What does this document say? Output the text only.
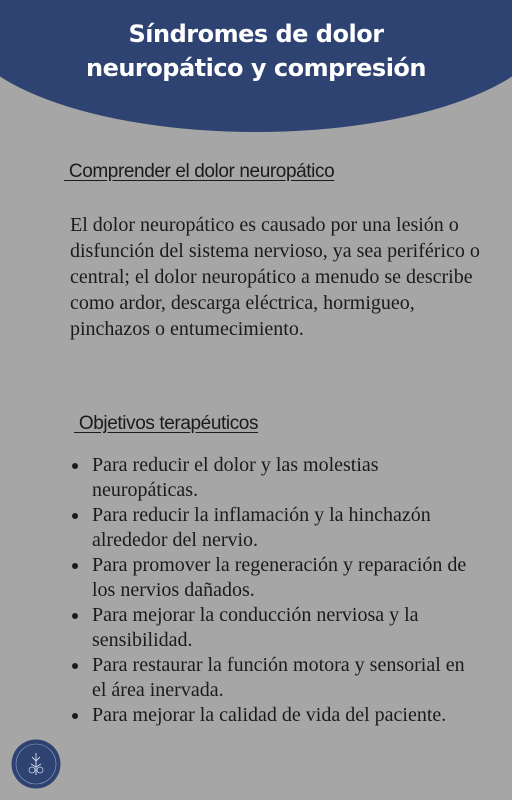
Síndromes de dolor
neuropático y compresión
Comprender el dolor neuropático

El dolor neuropático es causado por una lesión o disfunción del sistema nervioso, ya sea periférico o central; el dolor neuropático a menudo se describe como ardor, descarga eléctrica, hormigueo, pinchazos o entumecimiento.

Objetivos terapéuticos
Para reducir el dolor y las molestias neuropáticas.
Para reducir la inflamación y la hinchazón alrededor del nervio.
Para promover la regeneración y reparación de los nervios dañados.
Para mejorar la conducción nerviosa y la sensibilidad.
Para restaurar la función motora y sensorial en el área inervada.
Para mejorar la calidad de vida del paciente.
